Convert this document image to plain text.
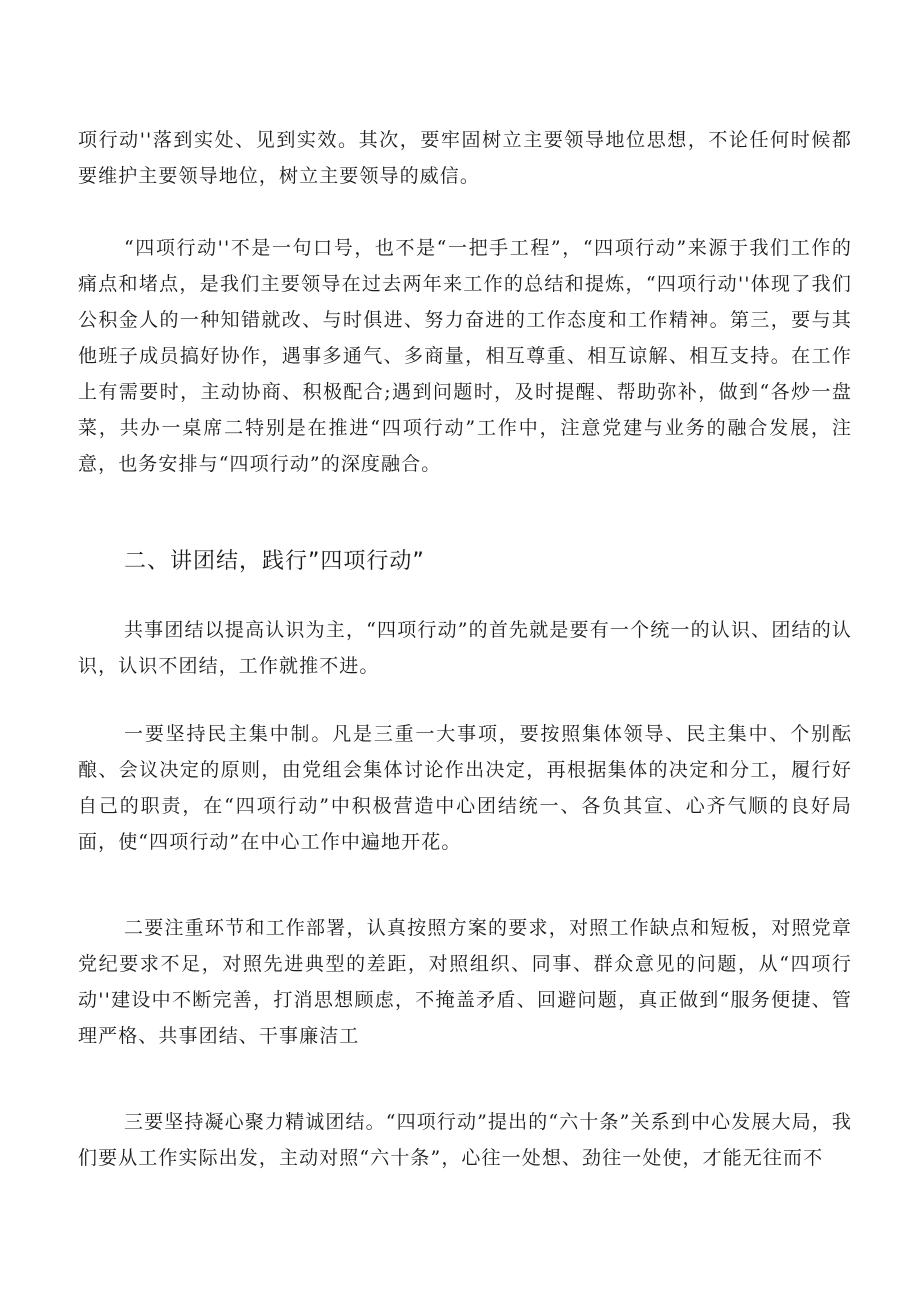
项行动''落到实处、见到实效。其次，要牢固树立主要领导地位思想，不论任何时候都要维护主要领导地位，树立主要领导的威信。

“四项行动''不是一句口号，也不是“一把手工程”，“四项行动”来源于我们工作的痛点和堵点，是我们主要领导在过去两年来工作的总结和提炼，“四项行动''体现了我们公积金人的一种知错就改、与时俱进、努力奋进的工作态度和工作精神。第三，要与其他班子成员搞好协作，遇事多通气、多商量，相互尊重、相互谅解、相互支持。在工作上有需要时，主动协商、积极配合;遇到问题时，及时提醒、帮助弥补，做到“各炒一盘菜，共办一桌席二特别是在推进“四项行动”工作中，注意党建与业务的融合发展，注意，也务安排与“四项行动”的深度融合。

二、讲团结，践行”四项行动”

共事团结以提高认识为主，“四项行动”的首先就是要有一个统一的认识、团结的认识，认识不团结，工作就推不进。

一要坚持民主集中制。凡是三重一大事项，要按照集体领导、民主集中、个别酝酿、会议决定的原则，由党组会集体讨论作出决定，再根据集体的决定和分工，履行好自己的职责，在“四项行动”中积极营造中心团结统一、各负其宣、心齐气顺的良好局面，使“四项行动”在中心工作中遍地开花。

二要注重环节和工作部署，认真按照方案的要求，对照工作缺点和短板，对照党章党纪要求不足，对照先进典型的差距，对照组织、同事、群众意见的问题，从“四项行动''建设中不断完善，打消思想顾虑，不掩盖矛盾、回避问题，真正做到“服务便捷、管理严格、共事团结、干事廉洁工

三要坚持凝心聚力精诚团结。“四项行动”提出的“六十条”关系到中心发展大局，我们要从工作实际出发，主动对照“六十条”，心往一处想、劲往一处使，才能无往而不
